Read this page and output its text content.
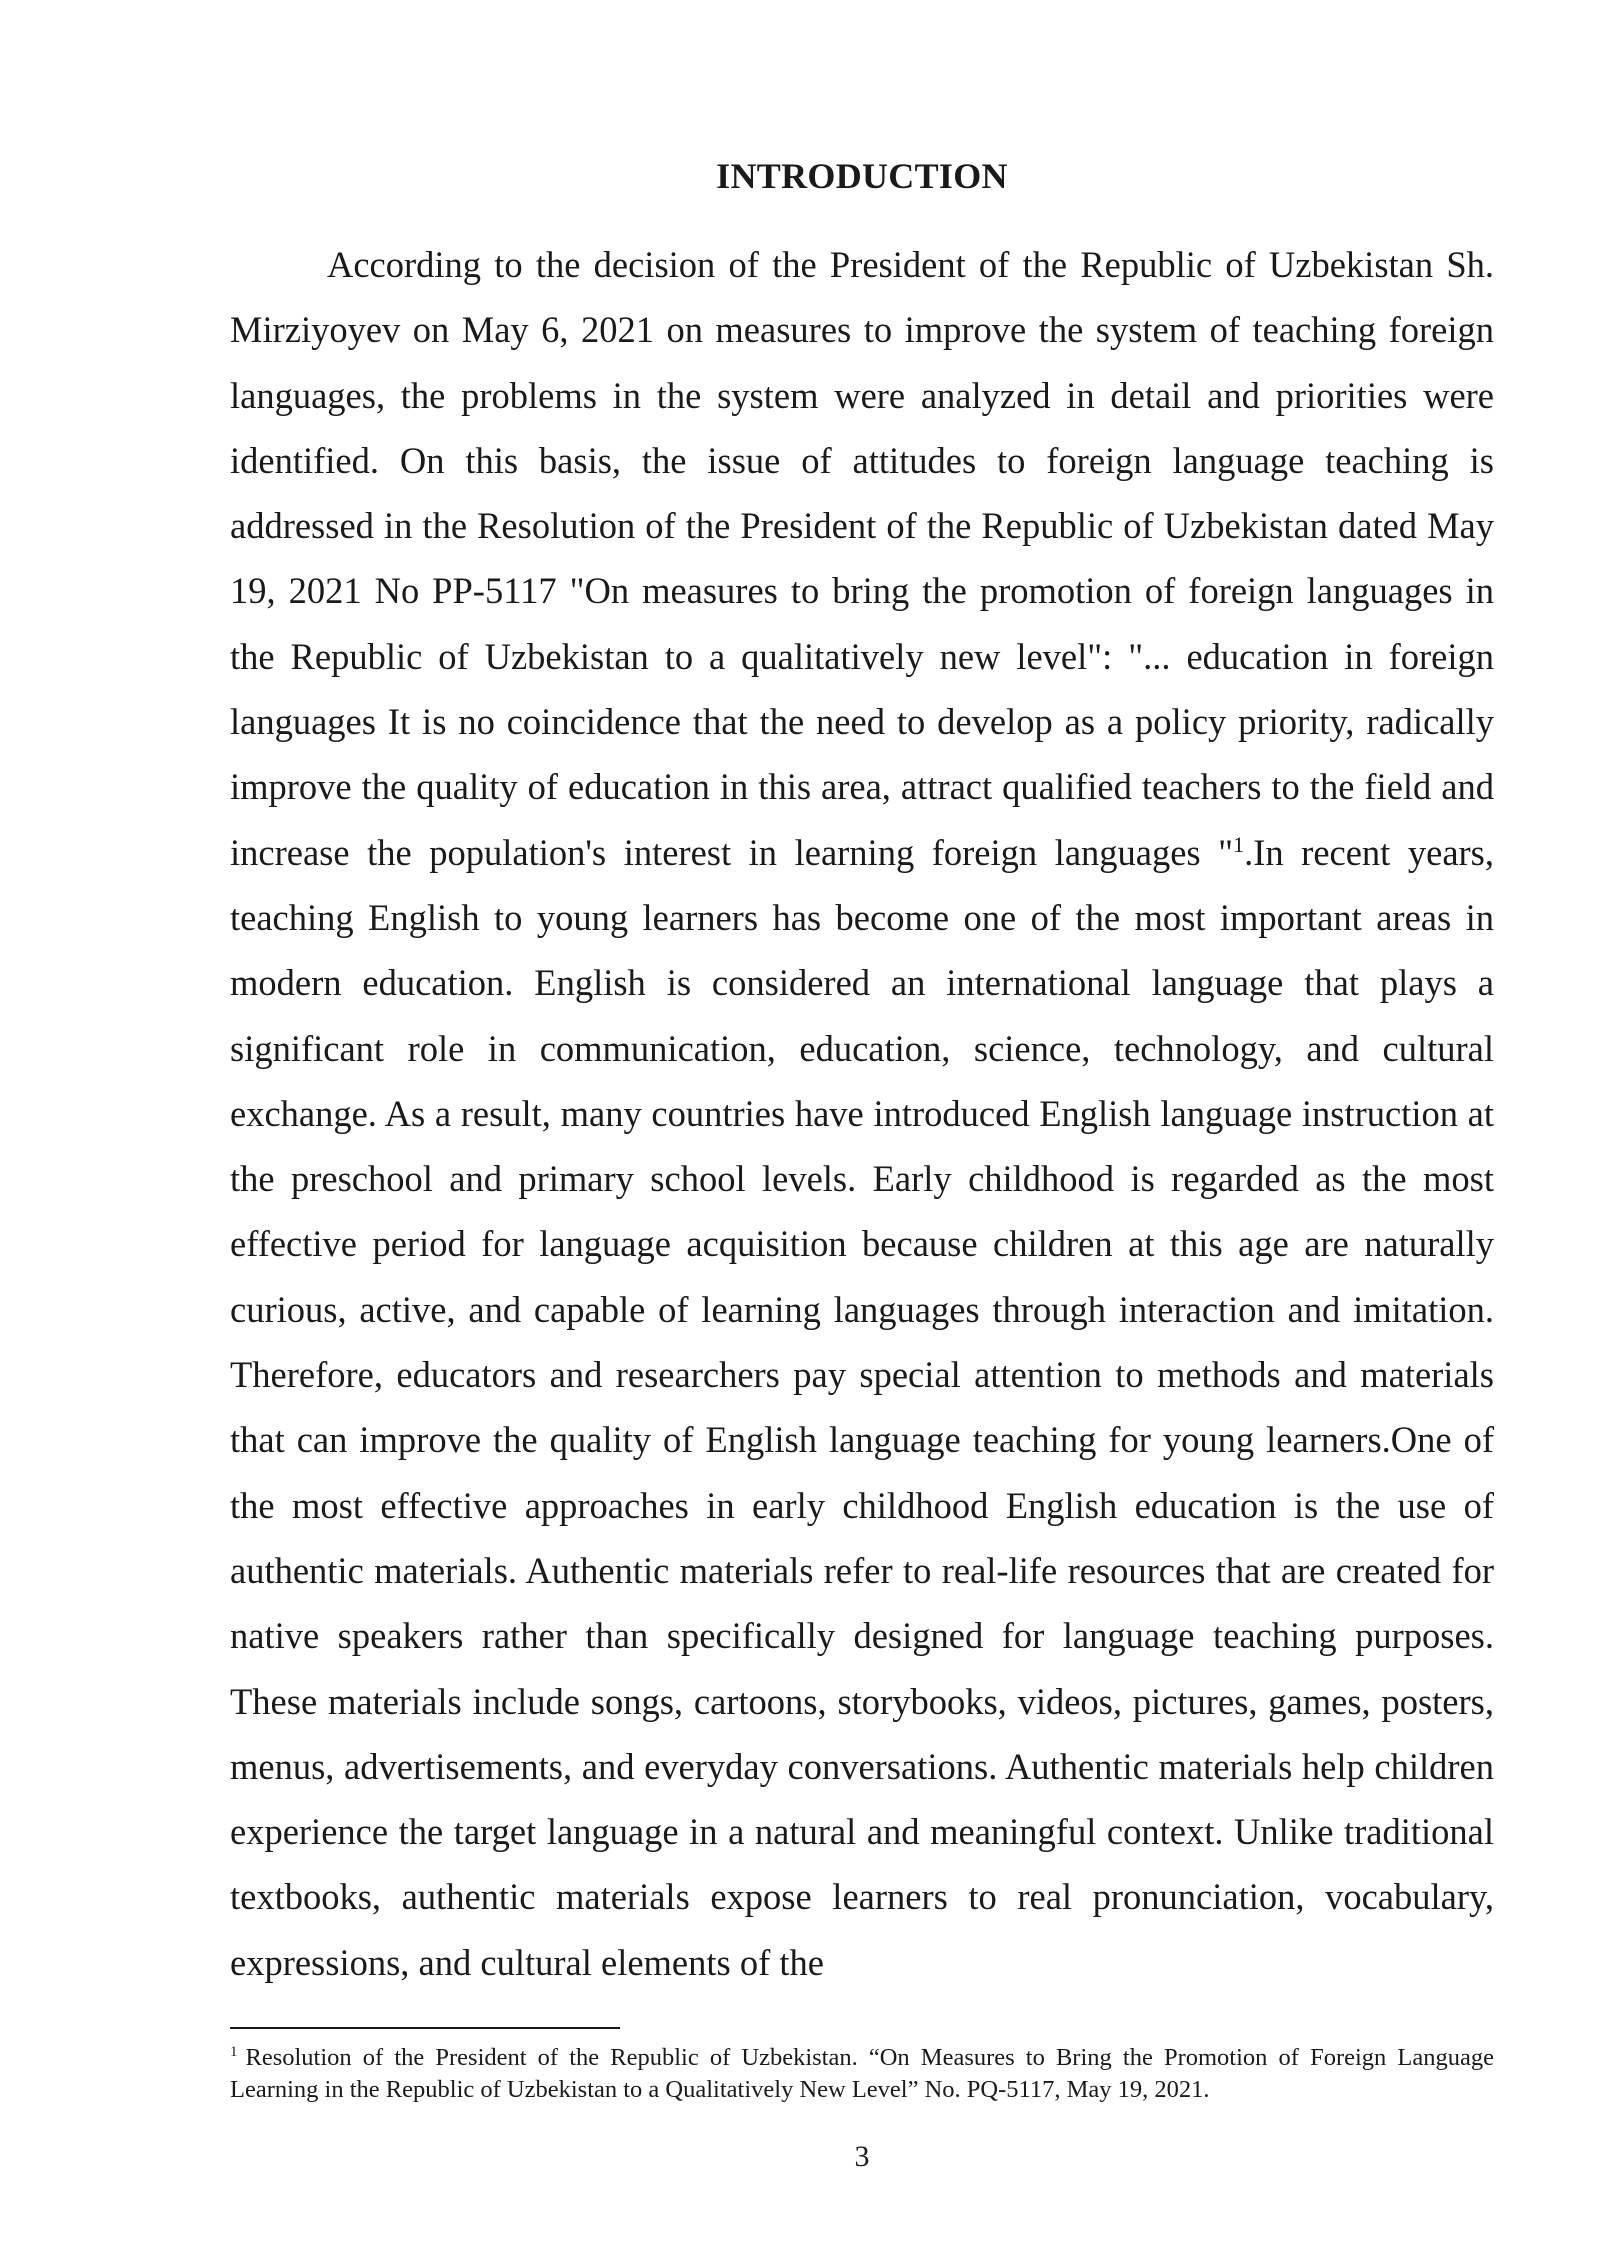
INTRODUCTION

According to the decision of the President of the Republic of Uzbekistan Sh. Mirziyoyev on May 6, 2021 on measures to improve the system of teaching foreign languages, the problems in the system were analyzed in detail and priorities were identified. On this basis, the issue of attitudes to foreign language teaching is addressed in the Resolution of the President of the Republic of Uzbekistan dated May 19, 2021 No PP-5117 "On measures to bring the promotion of foreign languages in the Republic of Uzbekistan to a qualitatively new level": "... education in foreign languages It is no coincidence that the need to develop as a policy priority, radically improve the quality of education in this area, attract qualified teachers to the field and increase the population's interest in learning foreign languages "$^1$.In recent years, teaching English to young learners has become one of the most important areas in modern education. English is considered an international language that plays a significant role in communication, education, science, technology, and cultural exchange. As a result, many countries have introduced English language instruction at the preschool and primary school levels. Early childhood is regarded as the most effective period for language acquisition because children at this age are naturally curious, active, and capable of learning languages through interaction and imitation. Therefore, educators and researchers pay special attention to methods and materials that can improve the quality of English language teaching for young learners.One of the most effective approaches in early childhood English education is the use of authentic materials. Authentic materials refer to real-life resources that are created for native speakers rather than specifically designed for language teaching purposes. These materials include songs, cartoons, storybooks, videos, pictures, games, posters, menus, advertisements, and everyday conversations. Authentic materials help children experience the target language in a natural and meaningful context. Unlike traditional textbooks, authentic materials expose learners to real pronunciation, vocabulary, expressions, and cultural elements of the

$^1$ Resolution of the President of the Republic of Uzbekistan. “On Measures to Bring the Promotion of Foreign Language Learning in the Republic of Uzbekistan to a Qualitatively New Level” No. PQ-5117, May 19, 2021.

3
